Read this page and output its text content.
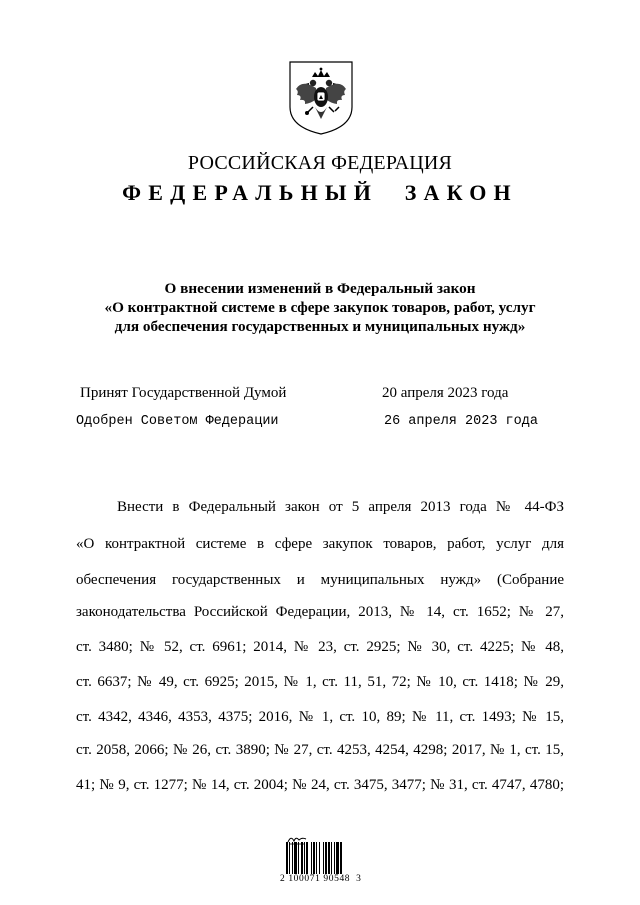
РОССИЙСКАЯ ФЕДЕРАЦИЯ
ФЕДЕРАЛЬНЫЙ ЗАКОН
О внесении изменений в Федеральный закон
«О контрактной системе в сфере закупок товаров, работ, услуг
для обеспечения государственных и муниципальных нужд»
Принят Государственной Думой	20 апреля 2023 года
Одобрен Советом Федерации	26 апреля 2023 года
Внести в Федеральный закон от 5 апреля 2013 года № 44-ФЗ
«О контрактной системе в сфере закупок товаров, работ, услуг для
обеспечения государственных и муниципальных нужд» (Собрание
законодательства Российской Федерации, 2013, № 14, ст. 1652; № 27,
ст. 3480; № 52, ст. 6961; 2014, № 23, ст. 2925; № 30, ст. 4225; № 48,
ст. 6637; № 49, ст. 6925; 2015, № 1, ст. 11, 51, 72; № 10, ст. 1418; № 29,
ст. 4342, 4346, 4353, 4375; 2016, № 1, ст. 10, 89; № 11, ст. 1493; № 15,
ст. 2058, 2066; № 26, ст. 3890; № 27, ст. 4253, 4254, 4298; 2017, № 1, ст. 15,
41; № 9, ст. 1277; № 14, ст. 2004; № 24, ст. 3475, 3477; № 31, ст. 4747, 4780;
2 100071 90548  3
